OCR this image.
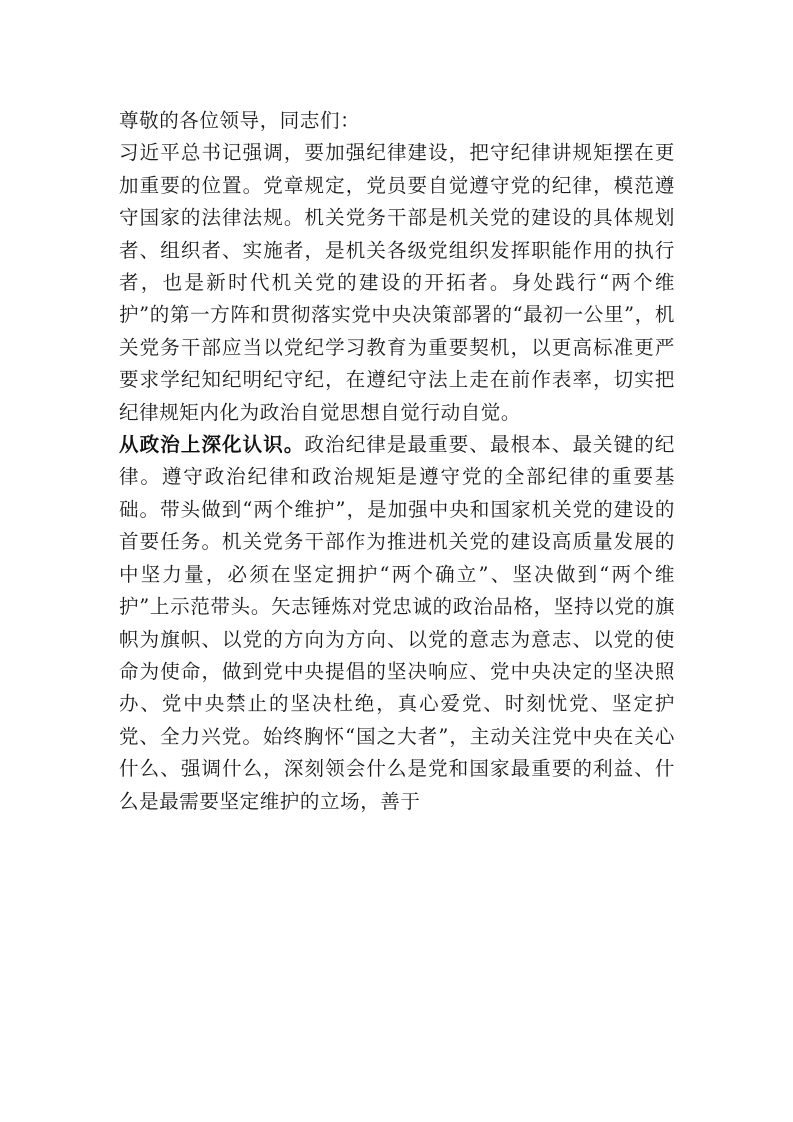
尊敬的各位领导，同志们：

习近平总书记强调，要加强纪律建设，把守纪律讲规矩摆在更加重要的位置。党章规定，党员要自觉遵守党的纪律，模范遵守国家的法律法规。机关党务干部是机关党的建设的具体规划者、组织者、实施者，是机关各级党组织发挥职能作用的执行者，也是新时代机关党的建设的开拓者。身处践行“两个维护”的第一方阵和贯彻落实党中央决策部署的“最初一公里”，机关党务干部应当以党纪学习教育为重要契机，以更高标准更严要求学纪知纪明纪守纪，在遵纪守法上走在前作表率，切实把纪律规矩内化为政治自觉思想自觉行动自觉。

从政治上深化认识。政治纪律是最重要、最根本、最关键的纪律。遵守政治纪律和政治规矩是遵守党的全部纪律的重要基础。带头做到“两个维护”，是加强中央和国家机关党的建设的首要任务。机关党务干部作为推进机关党的建设高质量发展的中坚力量，必须在坚定拥护“两个确立”、坚决做到“两个维护”上示范带头。矢志锤炼对党忠诚的政治品格，坚持以党的旗帜为旗帜、以党的方向为方向、以党的意志为意志、以党的使命为使命，做到党中央提倡的坚决响应、党中央决定的坚决照办、党中央禁止的坚决杜绝，真心爱党、时刻忧党、坚定护党、全力兴党。始终胸怀“国之大者”，主动关注党中央在关心什么、强调什么，深刻领会什么是党和国家最重要的利益、什么是最需要坚定维护的立场，善于
